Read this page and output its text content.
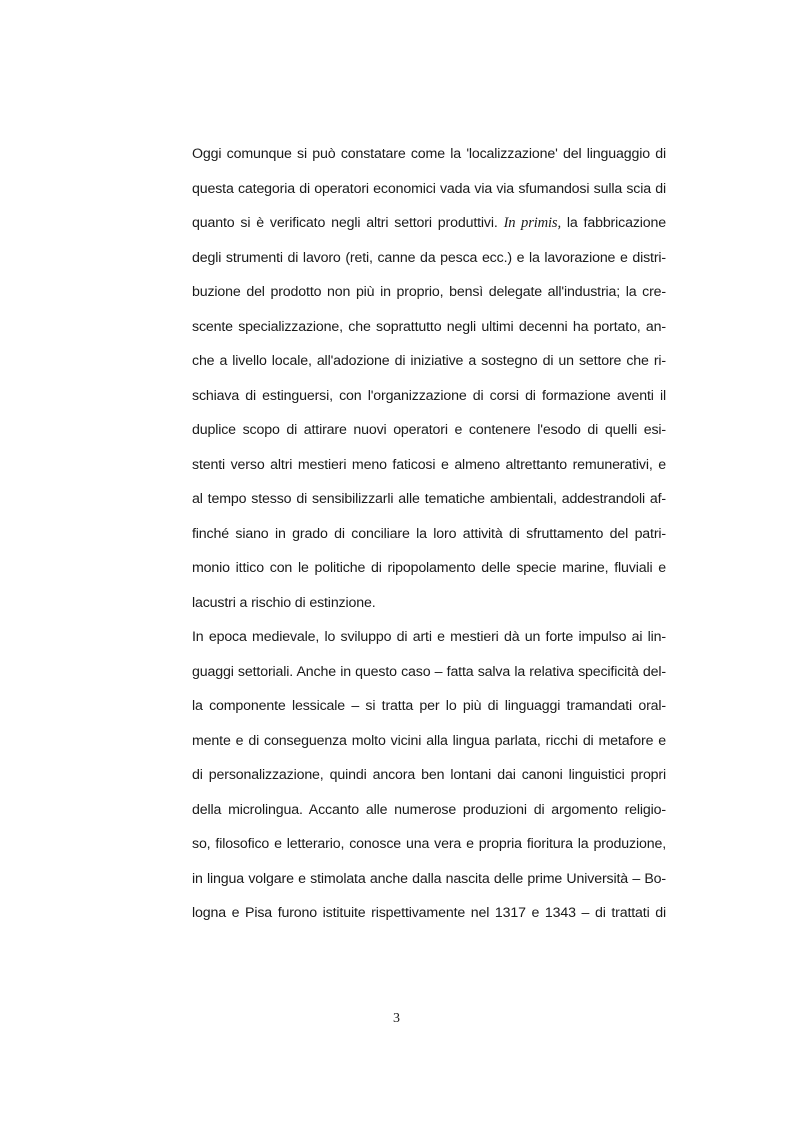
Oggi comunque si può constatare come la 'localizzazione' del linguaggio di
questa categoria di operatori economici vada via via sfumandosi sulla scia di
quanto si è verificato negli altri settori produttivi. In primis, la fabbricazione
degli strumenti di lavoro (reti, canne da pesca ecc.) e la lavorazione e distri-
buzione del prodotto non più in proprio, bensì delegate all'industria; la cre-
scente specializzazione, che soprattutto negli ultimi decenni ha portato, an-
che a livello locale, all'adozione di iniziative a sostegno di un settore che ri-
schiava di estinguersi, con l'organizzazione di corsi di formazione aventi il
duplice scopo di attirare nuovi operatori e contenere l'esodo di quelli esi-
stenti verso altri mestieri meno faticosi e almeno altrettanto remunerativi, e
al tempo stesso di sensibilizzarli alle tematiche ambientali, addestrandoli af-
finché siano in grado di conciliare la loro attività di sfruttamento del patri-
monio ittico con le politiche di ripopolamento delle specie marine, fluviali e
lacustri a rischio di estinzione.
In epoca medievale, lo sviluppo di arti e mestieri dà un forte impulso ai lin-
guaggi settoriali. Anche in questo caso – fatta salva la relativa specificità del-
la componente lessicale – si tratta per lo più di linguaggi tramandati oral-
mente e di conseguenza molto vicini alla lingua parlata, ricchi di metafore e
di personalizzazione, quindi ancora ben lontani dai canoni linguistici propri
della microlingua. Accanto alle numerose produzioni di argomento religio-
so, filosofico e letterario, conosce una vera e propria fioritura la produzione,
in lingua volgare e stimolata anche dalla nascita delle prime Università – Bo-
logna e Pisa furono istituite rispettivamente nel 1317 e 1343 – di trattati di
3
